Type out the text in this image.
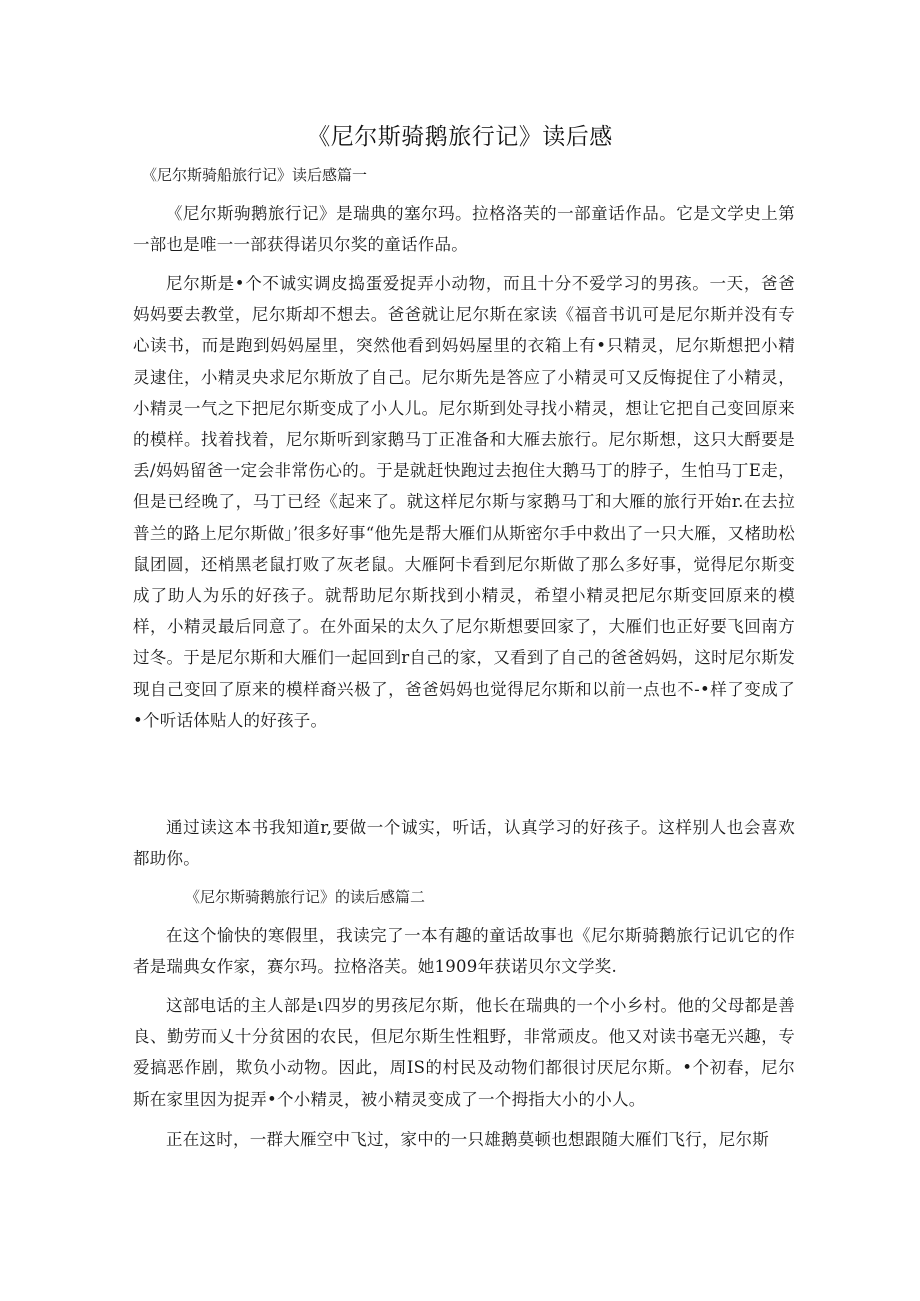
《尼尔斯骑鹅旅行记》读后感

《尼尔斯骑船旅行记》读后感篇一

《尼尔斯驹鹅旅行记》是瑞典的塞尔玛。拉格洛芙的一部童话作品。它是文学史上第一部也是唯一一部获得诺贝尔奖的童话作品。

尼尔斯是•个不诚实调皮捣蛋爱捉弄小动物，而且十分不爱学习的男孩。一天，爸爸妈妈要去教堂，尼尔斯却不想去。爸爸就让尼尔斯在家读《福音书讥可是尼尔斯并没有专心读书，而是跑到妈妈屋里，突然他看到妈妈屋里的衣箱上有•只精灵，尼尔斯想把小精灵逮住，小精灵央求尼尔斯放了自己。尼尔斯先是答应了小精灵可又反悔捉住了小精灵，小精灵一气之下把尼尔斯变成了小人儿。尼尔斯到处寻找小精灵，想让它把自己变回原来的模样。找着找着，尼尔斯听到家鹅马丁正准备和大雁去旅行。尼尔斯想，这只大酹要是丢/妈妈留爸一定会非常伤心的。于是就赶快跑过去抱住大鹅马丁的脖子，生怕马丁E走，但是已经晚了，马丁已经《起来了。就这样尼尔斯与家鹅马丁和大雁的旅行开始r.在去拉普兰的路上尼尔斯做」’很多好事“他先是帮大雁们从斯密尔手中救出了一只大雁，又楮助松鼠团圆，还梢黑老鼠打败了灰老鼠。大雁阿卡看到尼尔斯做了那么多好事，觉得尼尔斯变成了助人为乐的好孩子。就帮助尼尔斯找到小精灵，希望小精灵把尼尔斯变回原来的模样，小精灵最后同意了。在外面呆的太久了尼尔斯想要回家了，大雁们也正好要飞回南方过冬。于是尼尔斯和大雁们一起回到r自己的家，又看到了自己的爸爸妈妈，这时尼尔斯发现自己变回了原来的模样裔兴极了，爸爸妈妈也觉得尼尔斯和以前一点也不-•样了变成了•个听话体贴人的好孩子。

通过读这本书我知道r,要做一个诚实，听话，认真学习的好孩子。这样别人也会喜欢都助你。

《尼尔斯骑鹅旅行记》的读后感篇二

在这个愉快的寒假里，我读完了一本有趣的童话故事也《尼尔斯骑鹅旅行记讥它的作者是瑞典女作家，赛尔玛。拉格洛芙。她1909年获诺贝尔文学奖.

这部电话的主人部是ι四岁的男孩尼尔斯，他长在瑞典的一个小乡村。他的父母都是善良、勤劳而乂十分贫困的农民，但尼尔斯生性粗野，非常顽皮。他又对读书毫无兴趣，专爱搞恶作剧，欺负小动物。因此，周IS的村民及动物们都很讨厌尼尔斯。•个初春，尼尔斯在家里因为捉弄•个小精灵，被小精灵变成了一个拇指大小的小人。

正在这时，一群大雁空中飞过，家中的一只雄鹅莫顿也想跟随大雁们飞行，尼尔斯
